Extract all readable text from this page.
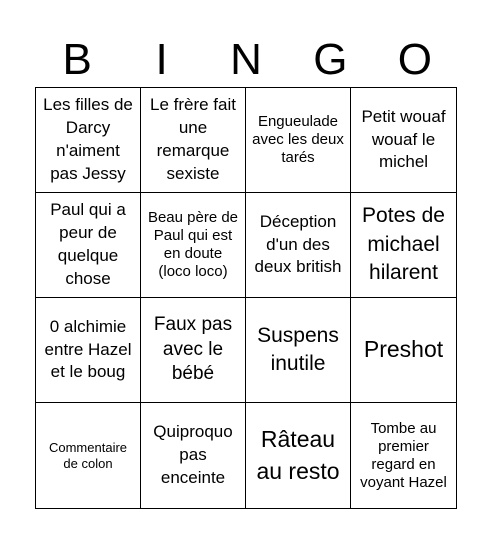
B	I	N	G	O
Les filles de Darcy n'aiment pas Jessy
Le frère fait une remarque sexiste
Engueulade avec les deux tarés
Petit wouaf wouaf le michel
Paul qui a peur de quelque chose
Beau père de Paul qui est en doute (loco loco)
Déception d'un des deux british
Potes de michael hilarent
0 alchimie entre Hazel et le boug
Faux pas avec le bébé
Suspens inutile
Preshot
Commentaire de colon
Quiproquo pas enceinte
Râteau au resto
Tombe au premier regard en voyant Hazel
